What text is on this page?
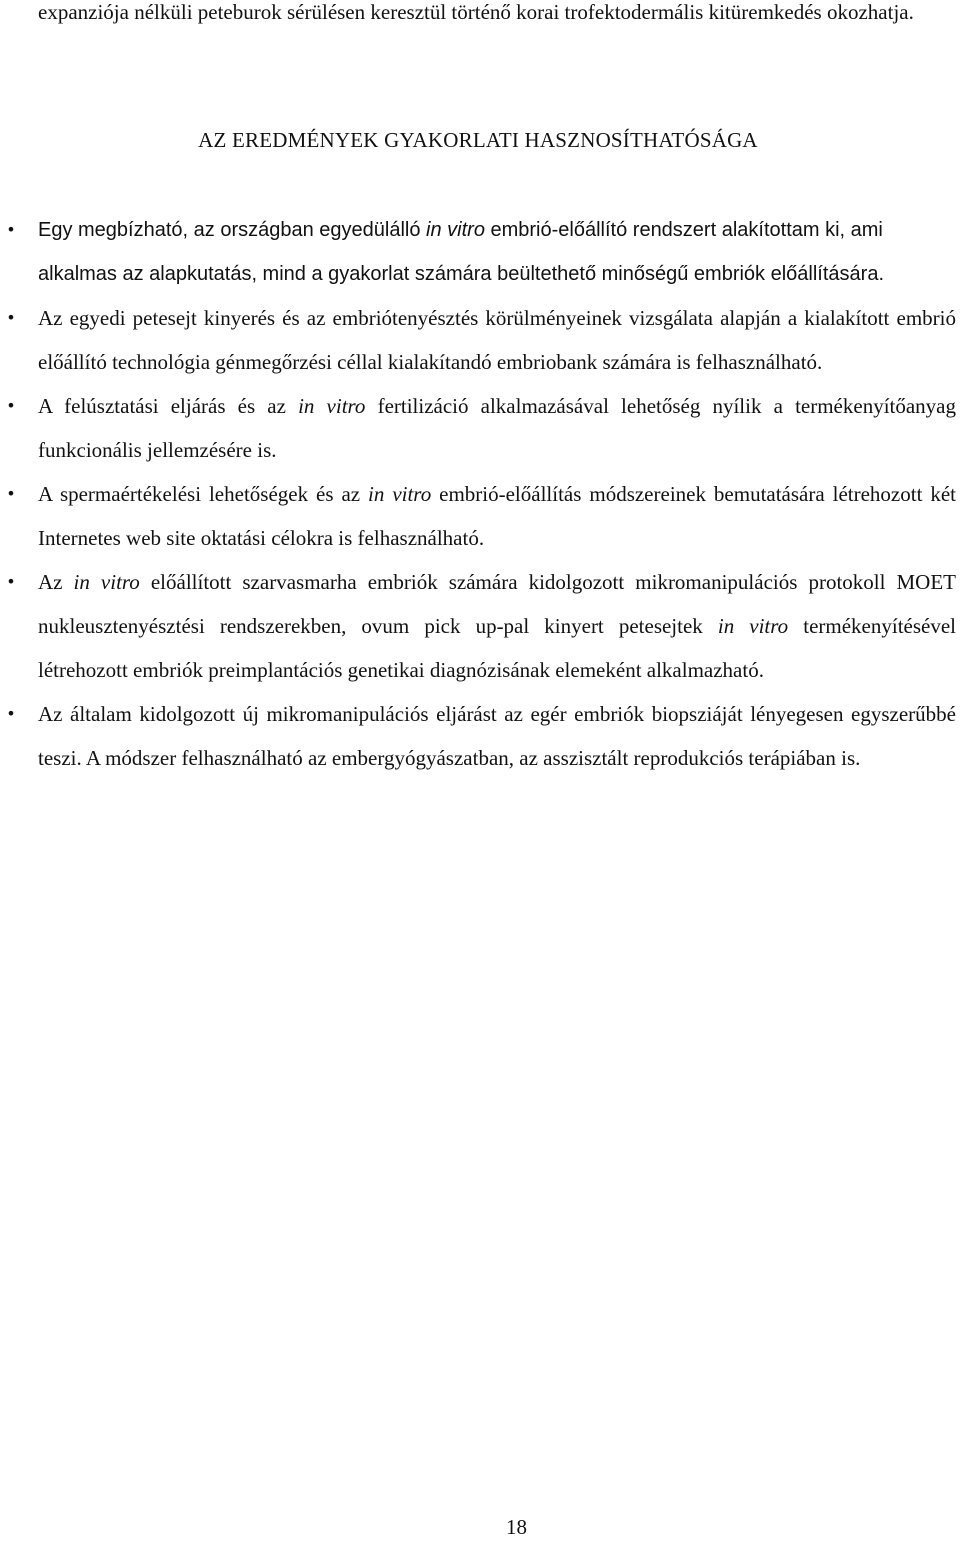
expanziója nélküli peteburok sérülésen keresztül történő korai trofektodermális kitüremkedés okozhatja.

AZ EREDMÉNYEK GYAKORLATI HASZNOSÍTHATÓSÁGA
• Egy megbízható, az országban egyedülálló in vitro embrió-előállító rendszert alakítottam ki, ami alkalmas az alapkutatás, mind a gyakorlat számára beültethető minőségű embriók előállítására.

• Az egyedi petesejt kinyerés és az embriótenyésztés körülményeinek vizsgálata alapján a kialakított embrió előállító technológia génmegőrzési céllal kialakítandó embriobank számára is felhasználható.

• A felúsztatási eljárás és az in vitro fertilizáció alkalmazásával lehetőség nyílik a termékenyítőanyag funkcionális jellemzésére is.

• A spermaértékelési lehetőségek és az in vitro embrió-előállítás módszereinek bemutatására létrehozott két Internetes web site oktatási célokra is felhasználható.

• Az in vitro előállított szarvasmarha embriók számára kidolgozott mikromanipulációs protokoll MOET nukleusztenyésztési rendszerekben, ovum pick up-pal kinyert petesejtek in vitro termékenyítésével létrehozott embriók preimplantációs genetikai diagnózisának elemeként alkalmazható.

• Az általam kidolgozott új mikromanipulációs eljárást az egér embriók biopsziáját lényegesen egyszerűbbé teszi. A módszer felhasználható az embergyógyászatban, az asszisztált reprodukciós terápiában is.

18
